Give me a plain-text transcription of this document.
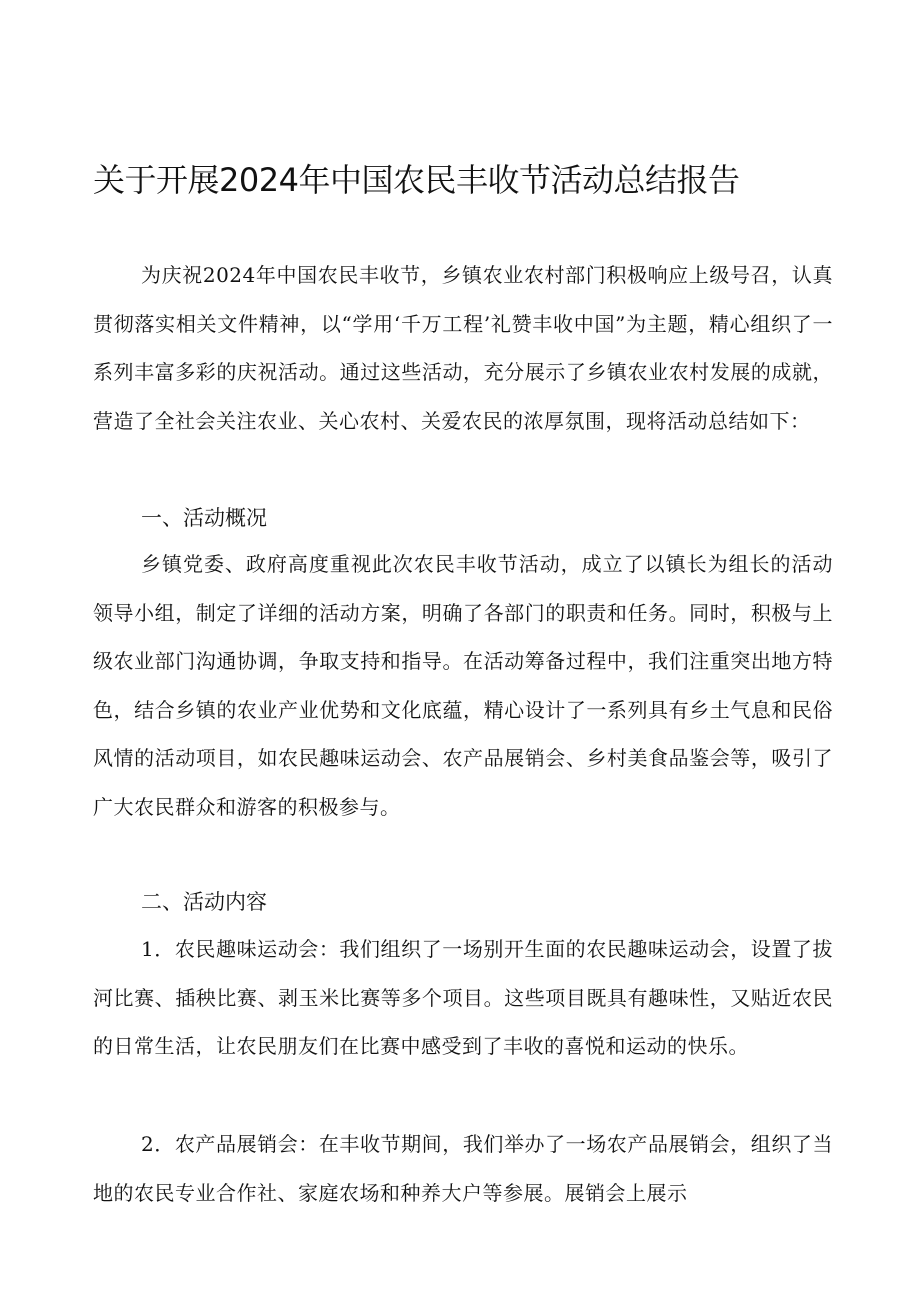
关于开展2024年中国农民丰收节活动总结报告

为庆祝2024年中国农民丰收节，乡镇农业农村部门积极响应上级号召，认真贯彻落实相关文件精神，以“学用‘千万工程’礼赞丰收中国”为主题，精心组织了一系列丰富多彩的庆祝活动。通过这些活动，充分展示了乡镇农业农村发展的成就，营造了全社会关注农业、关心农村、关爱农民的浓厚氛围，现将活动总结如下：

一、活动概况

乡镇党委、政府高度重视此次农民丰收节活动，成立了以镇长为组长的活动领导小组，制定了详细的活动方案，明确了各部门的职责和任务。同时，积极与上级农业部门沟通协调，争取支持和指导。在活动筹备过程中，我们注重突出地方特色，结合乡镇的农业产业优势和文化底蕴，精心设计了一系列具有乡土气息和民俗风情的活动项目，如农民趣味运动会、农产品展销会、乡村美食品鉴会等，吸引了广大农民群众和游客的积极参与。

二、活动内容

1．农民趣味运动会：我们组织了一场别开生面的农民趣味运动会，设置了拔河比赛、插秧比赛、剥玉米比赛等多个项目。这些项目既具有趣味性，又贴近农民的日常生活，让农民朋友们在比赛中感受到了丰收的喜悦和运动的快乐。

2．农产品展销会：在丰收节期间，我们举办了一场农产品展销会，组织了当地的农民专业合作社、家庭农场和种养大户等参展。展销会上展示
